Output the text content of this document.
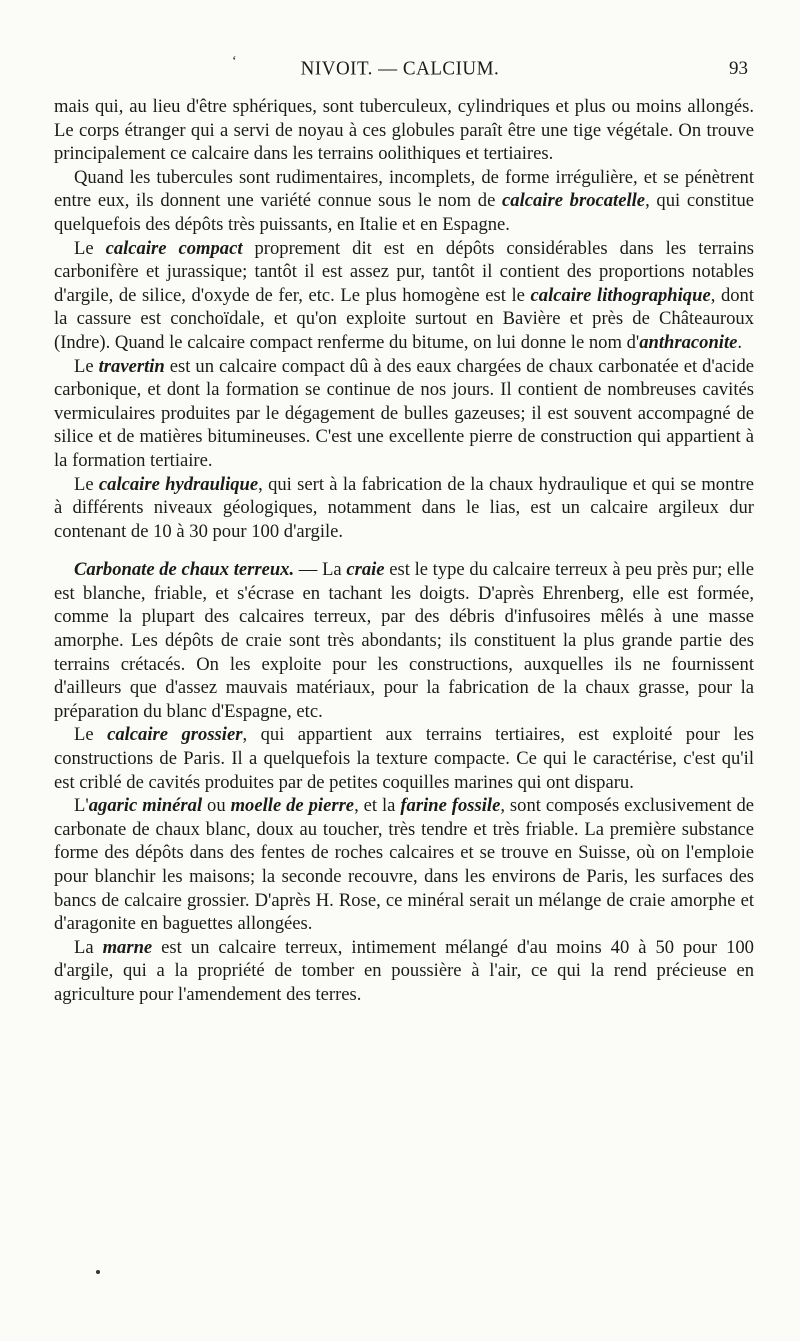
‘	NIVOIT. — CALCIUM.	93

mais qui, au lieu d'être sphériques, sont tuberculeux, cylindriques et plus ou moins allongés. Le corps étranger qui a servi de noyau à ces globules paraît être une tige végétale. On trouve principalement ce calcaire dans les terrains oolithiques et tertiaires.

Quand les tubercules sont rudimentaires, incomplets, de forme irrégulière, et se pénètrent entre eux, ils donnent une variété connue sous le nom de calcaire brocatelle, qui constitue quelquefois des dépôts très puissants, en Italie et en Espagne.

Le calcaire compact proprement dit est en dépôts considérables dans les terrains carbonifère et jurassique; tantôt il est assez pur, tantôt il contient des proportions notables d'argile, de silice, d'oxyde de fer, etc. Le plus homogène est le calcaire lithographique, dont la cassure est conchoïdale, et qu'on exploite surtout en Bavière et près de Châteauroux (Indre). Quand le calcaire compact renferme du bitume, on lui donne le nom d'anthraconite.

Le travertin est un calcaire compact dû à des eaux chargées de chaux carbonatée et d'acide carbonique, et dont la formation se continue de nos jours. Il contient de nombreuses cavités vermiculaires produites par le dégagement de bulles gazeuses; il est souvent accompagné de silice et de matières bitumineuses. C'est une excellente pierre de construction qui appartient à la formation tertiaire.

Le calcaire hydraulique, qui sert à la fabrication de la chaux hydraulique et qui se montre à différents niveaux géologiques, notamment dans le lias, est un calcaire argileux dur contenant de 10 à 30 pour 100 d'argile.

Carbonate de chaux terreux. — La craie est le type du calcaire terreux à peu près pur; elle est blanche, friable, et s'écrase en tachant les doigts. D'après Ehrenberg, elle est formée, comme la plupart des calcaires terreux, par des débris d'infusoires mêlés à une masse amorphe. Les dépôts de craie sont très abondants; ils constituent la plus grande partie des terrains crétacés. On les exploite pour les constructions, auxquelles ils ne fournissent d'ailleurs que d'assez mauvais matériaux, pour la fabrication de la chaux grasse, pour la préparation du blanc d'Espagne, etc.

Le calcaire grossier, qui appartient aux terrains tertiaires, est exploité pour les constructions de Paris. Il a quelquefois la texture compacte. Ce qui le caractérise, c'est qu'il est criblé de cavités produites par de petites coquilles marines qui ont disparu.

L'agaric minéral ou moelle de pierre, et la farine fossile, sont composés exclusivement de carbonate de chaux blanc, doux au toucher, très tendre et très friable. La première substance forme des dépôts dans des fentes de roches calcaires et se trouve en Suisse, où on l'emploie pour blanchir les maisons; la seconde recouvre, dans les environs de Paris, les surfaces des bancs de calcaire grossier. D'après H. Rose, ce minéral serait un mélange de craie amorphe et d'aragonite en baguettes allongées.

La marne est un calcaire terreux, intimement mélangé d'au moins 40 à 50 pour 100 d'argile, qui a la propriété de tomber en poussière à l'air, ce qui la rend précieuse en agriculture pour l'amendement des terres.
